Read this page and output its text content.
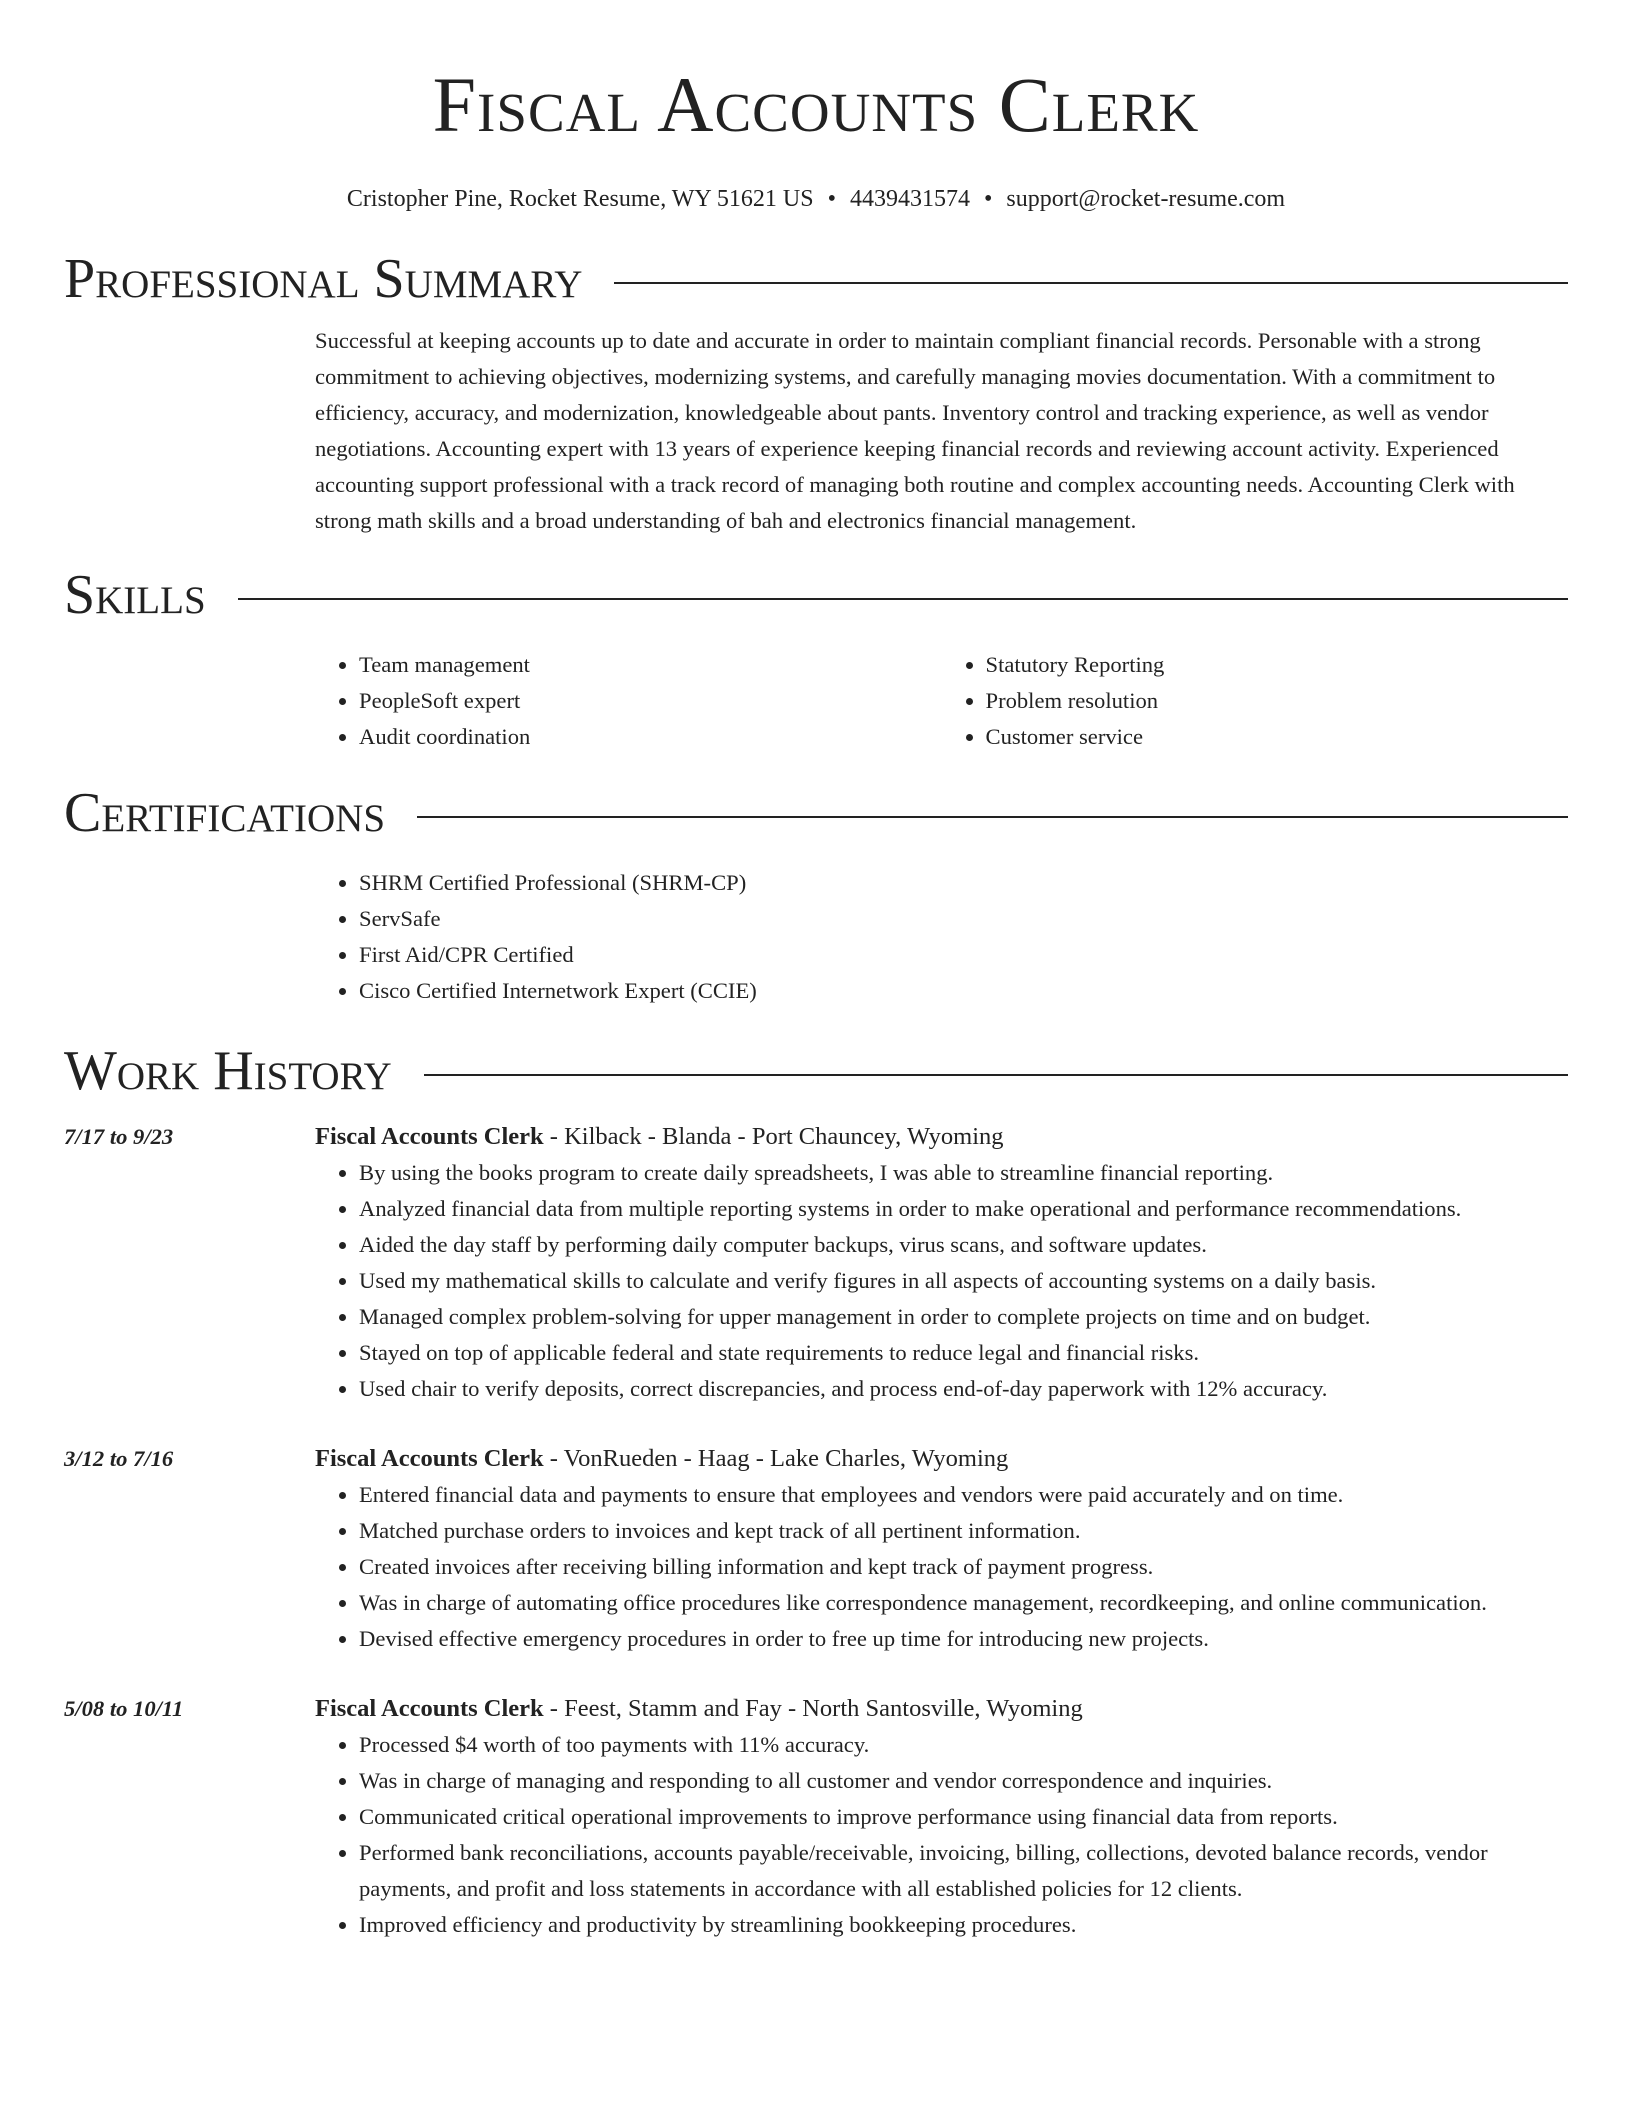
Fiscal Accounts Clerk
Cristopher Pine, Rocket Resume, WY 51621 US • 4439431574 • support@rocket-resume.com
Professional Summary

Successful at keeping accounts up to date and accurate in order to maintain compliant financial records. Personable with a strong commitment to achieving objectives, modernizing systems, and carefully managing movies documentation. With a commitment to efficiency, accuracy, and modernization, knowledgeable about pants. Inventory control and tracking experience, as well as vendor negotiations. Accounting expert with 13 years of experience keeping financial records and reviewing account activity. Experienced accounting support professional with a track record of managing both routine and complex accounting needs. Accounting Clerk with strong math skills and a broad understanding of bah and electronics financial management.

Skills
• Team management
• PeopleSoft expert
• Audit coordination
• Statutory Reporting
• Problem resolution
• Customer service
Certifications
• SHRM Certified Professional (SHRM-CP)
• ServSafe
• First Aid/CPR Certified
• Cisco Certified Internetwork Expert (CCIE)
Work History
7/17 to 9/23	Fiscal Accounts Clerk - Kilback - Blanda - Port Chauncey, Wyoming
• By using the books program to create daily spreadsheets, I was able to streamline financial reporting.
• Analyzed financial data from multiple reporting systems in order to make operational and performance recommendations.
• Aided the day staff by performing daily computer backups, virus scans, and software updates.
• Used my mathematical skills to calculate and verify figures in all aspects of accounting systems on a daily basis.
• Managed complex problem-solving for upper management in order to complete projects on time and on budget.
• Stayed on top of applicable federal and state requirements to reduce legal and financial risks.
• Used chair to verify deposits, correct discrepancies, and process end-of-day paperwork with 12% accuracy.
3/12 to 7/16	Fiscal Accounts Clerk - VonRueden - Haag - Lake Charles, Wyoming
• Entered financial data and payments to ensure that employees and vendors were paid accurately and on time.
• Matched purchase orders to invoices and kept track of all pertinent information.
• Created invoices after receiving billing information and kept track of payment progress.
• Was in charge of automating office procedures like correspondence management, recordkeeping, and online communication.
• Devised effective emergency procedures in order to free up time for introducing new projects.
5/08 to 10/11	Fiscal Accounts Clerk - Feest, Stamm and Fay - North Santosville, Wyoming
• Processed $4 worth of too payments with 11% accuracy.
• Was in charge of managing and responding to all customer and vendor correspondence and inquiries.
• Communicated critical operational improvements to improve performance using financial data from reports.
• Performed bank reconciliations, accounts payable/receivable, invoicing, billing, collections, devoted balance records, vendor payments, and profit and loss statements in accordance with all established policies for 12 clients.
• Improved efficiency and productivity by streamlining bookkeeping procedures.
